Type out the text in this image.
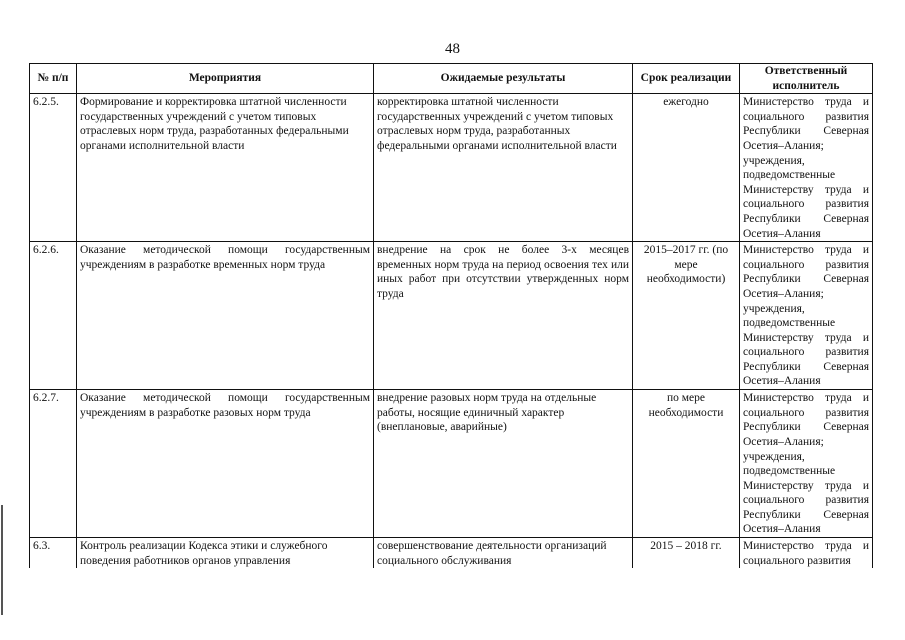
48
№ п/п	Мероприятия	Ожидаемые результаты	Срок реализации	Ответственный исполнитель
6.2.5.	Формирование и корректировка штатной численности государственных учреждений с учетом типовых отраслевых норм труда, разработанных федеральными органами исполнительной власти	корректировка штатной численности государственных учреждений с учетом типовых отраслевых норм труда, разработанных федеральными органами исполнительной власти	ежегодно	Министерство труда и социального развития Республики Северная Осетия–Алания; учреждения, подведомственные Министерству труда и социального развития Республики Северная Осетия–Алания
6.2.6.	Оказание методической помощи государственным учреждениям в разработке временных норм труда	внедрение на срок не более 3-х месяцев временных норм труда на период освоения тех или иных работ при отсутствии утвержденных норм труда	2015–2017 гг. (по мере необходимости)	Министерство труда и социального развития Республики Северная Осетия–Алания; учреждения, подведомственные Министерству труда и социального развития Республики Северная Осетия–Алания
6.2.7.	Оказание методической помощи государственным учреждениям в разработке разовых норм труда	внедрение разовых норм труда на отдельные работы, носящие единичный характер (внеплановые, аварийные)	по мере необходимости	Министерство труда и социального развития Республики Северная Осетия–Алания; учреждения, подведомственные Министерству труда и социального развития Республики Северная Осетия–Алания
6.3.	Контроль реализации Кодекса этики и служебного поведения работников органов управления	совершенствование деятельности организаций социального обслуживания	2015 – 2018 гг.	Министерство труда и социального развития
